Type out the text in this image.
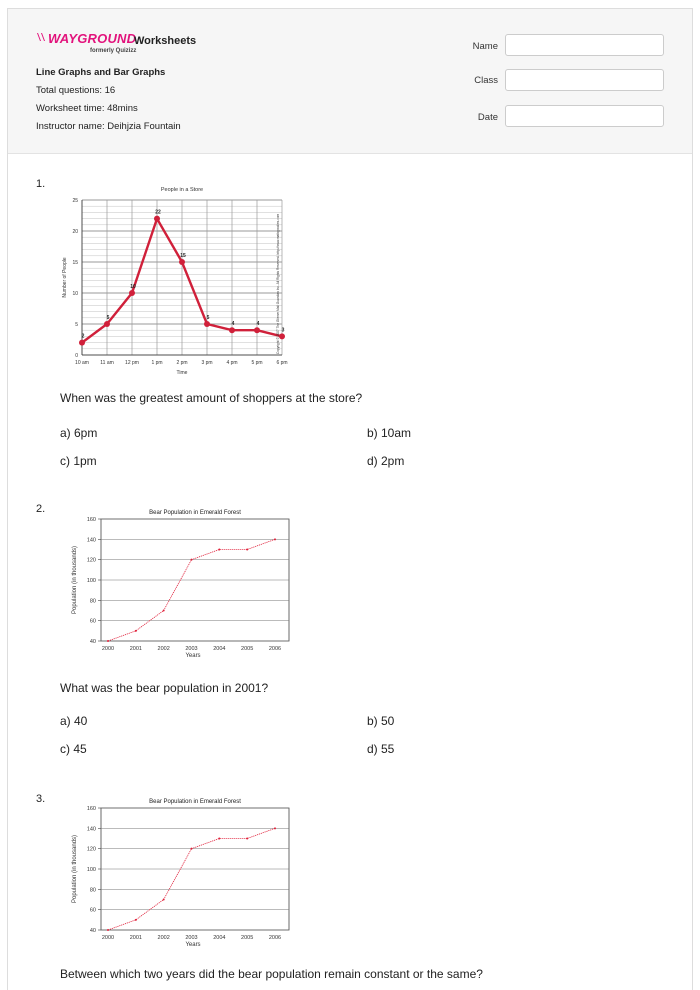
WAYGROUND
formerly Quizizz
Worksheets
Line Graphs and Bar Graphs
Total questions: 16
Worksheet time: 48mins
Instructor name: Deihjzia Fountain
Name
Class
Date
1.	People in a Store
0
5
10
15
20
25
10 am 11 am 12 pm 1 pm	2 pm	3 pm	4 pm	5 pm	6 pm
Time
Number of People
2
5
10
22
15
5
4	4
3
Copyright © 2007 The Gliener Mail Guardian Inc. All Rights Reserved. http://www.mathgoodies.com
When was the greatest amount of shoppers at the store?
a) 6pm	b) 10am
c) 1pm	d) 2pm
2.	Bear Population in Emerald Forest
40
60
80
100
120
140
160
2000	2001	2002	2003	2004	2005	2006
Years
Population (in thousands)
What was the bear population in 2001?
a) 40	b) 50
c) 45	d) 55
3.	Bear Population in Emerald Forest
40
60
80
100
120
140
160
2000	2001	2002	2003	2004	2005	2006
Years
Population (in thousands)
Between which two years did the bear population remain constant or the same?
